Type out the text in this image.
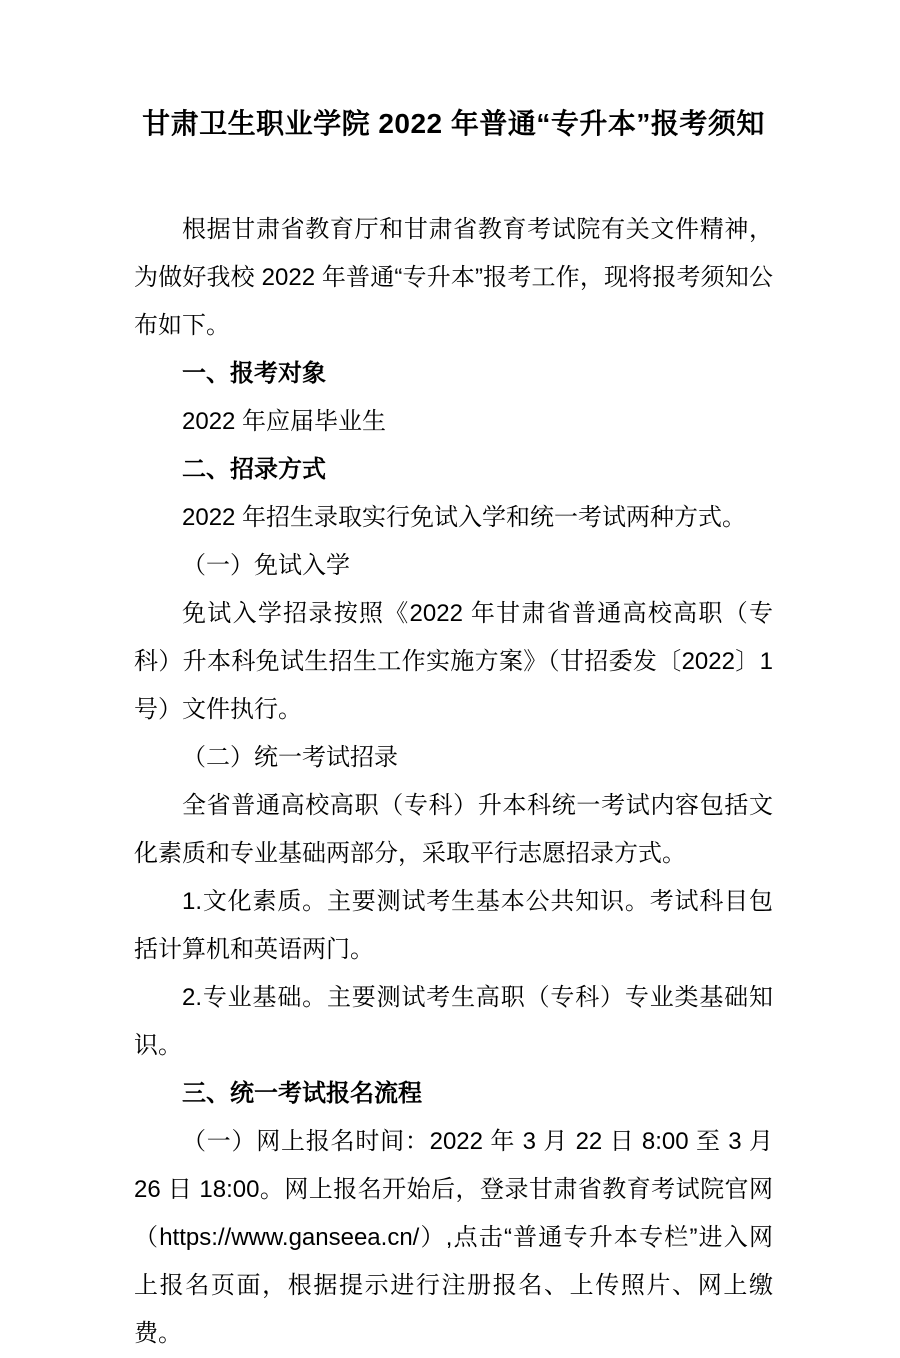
甘肃卫生职业学院 2022 年普通“专升本”报考须知

根据甘肃省教育厅和甘肃省教育考试院有关文件精神，为做好我校 2022 年普通“专升本”报考工作，现将报考须知公布如下。

一、报考对象

2022 年应届毕业生

二、招录方式

2022 年招生录取实行免试入学和统一考试两种方式。

（一）免试入学

免试入学招录按照《2022 年甘肃省普通高校高职（专科）升本科免试生招生工作实施方案》（甘招委发〔2022〕1 号）文件执行。

（二）统一考试招录

全省普通高校高职（专科）升本科统一考试内容包括文化素质和专业基础两部分，采取平行志愿招录方式。

1.文化素质。主要测试考生基本公共知识。考试科目包括计算机和英语两门。

2.专业基础。主要测试考生高职（专科）专业类基础知识。

三、统一考试报名流程

（一）网上报名时间：2022 年 3 月 22 日 8:00 至 3 月 26 日 18:00。网上报名开始后，登录甘肃省教育考试院官网（https://www.ganseea.cn/）,点击“普通专升本专栏”进入网上报名页面，根据提示进行注册报名、上传照片、网上缴费。
